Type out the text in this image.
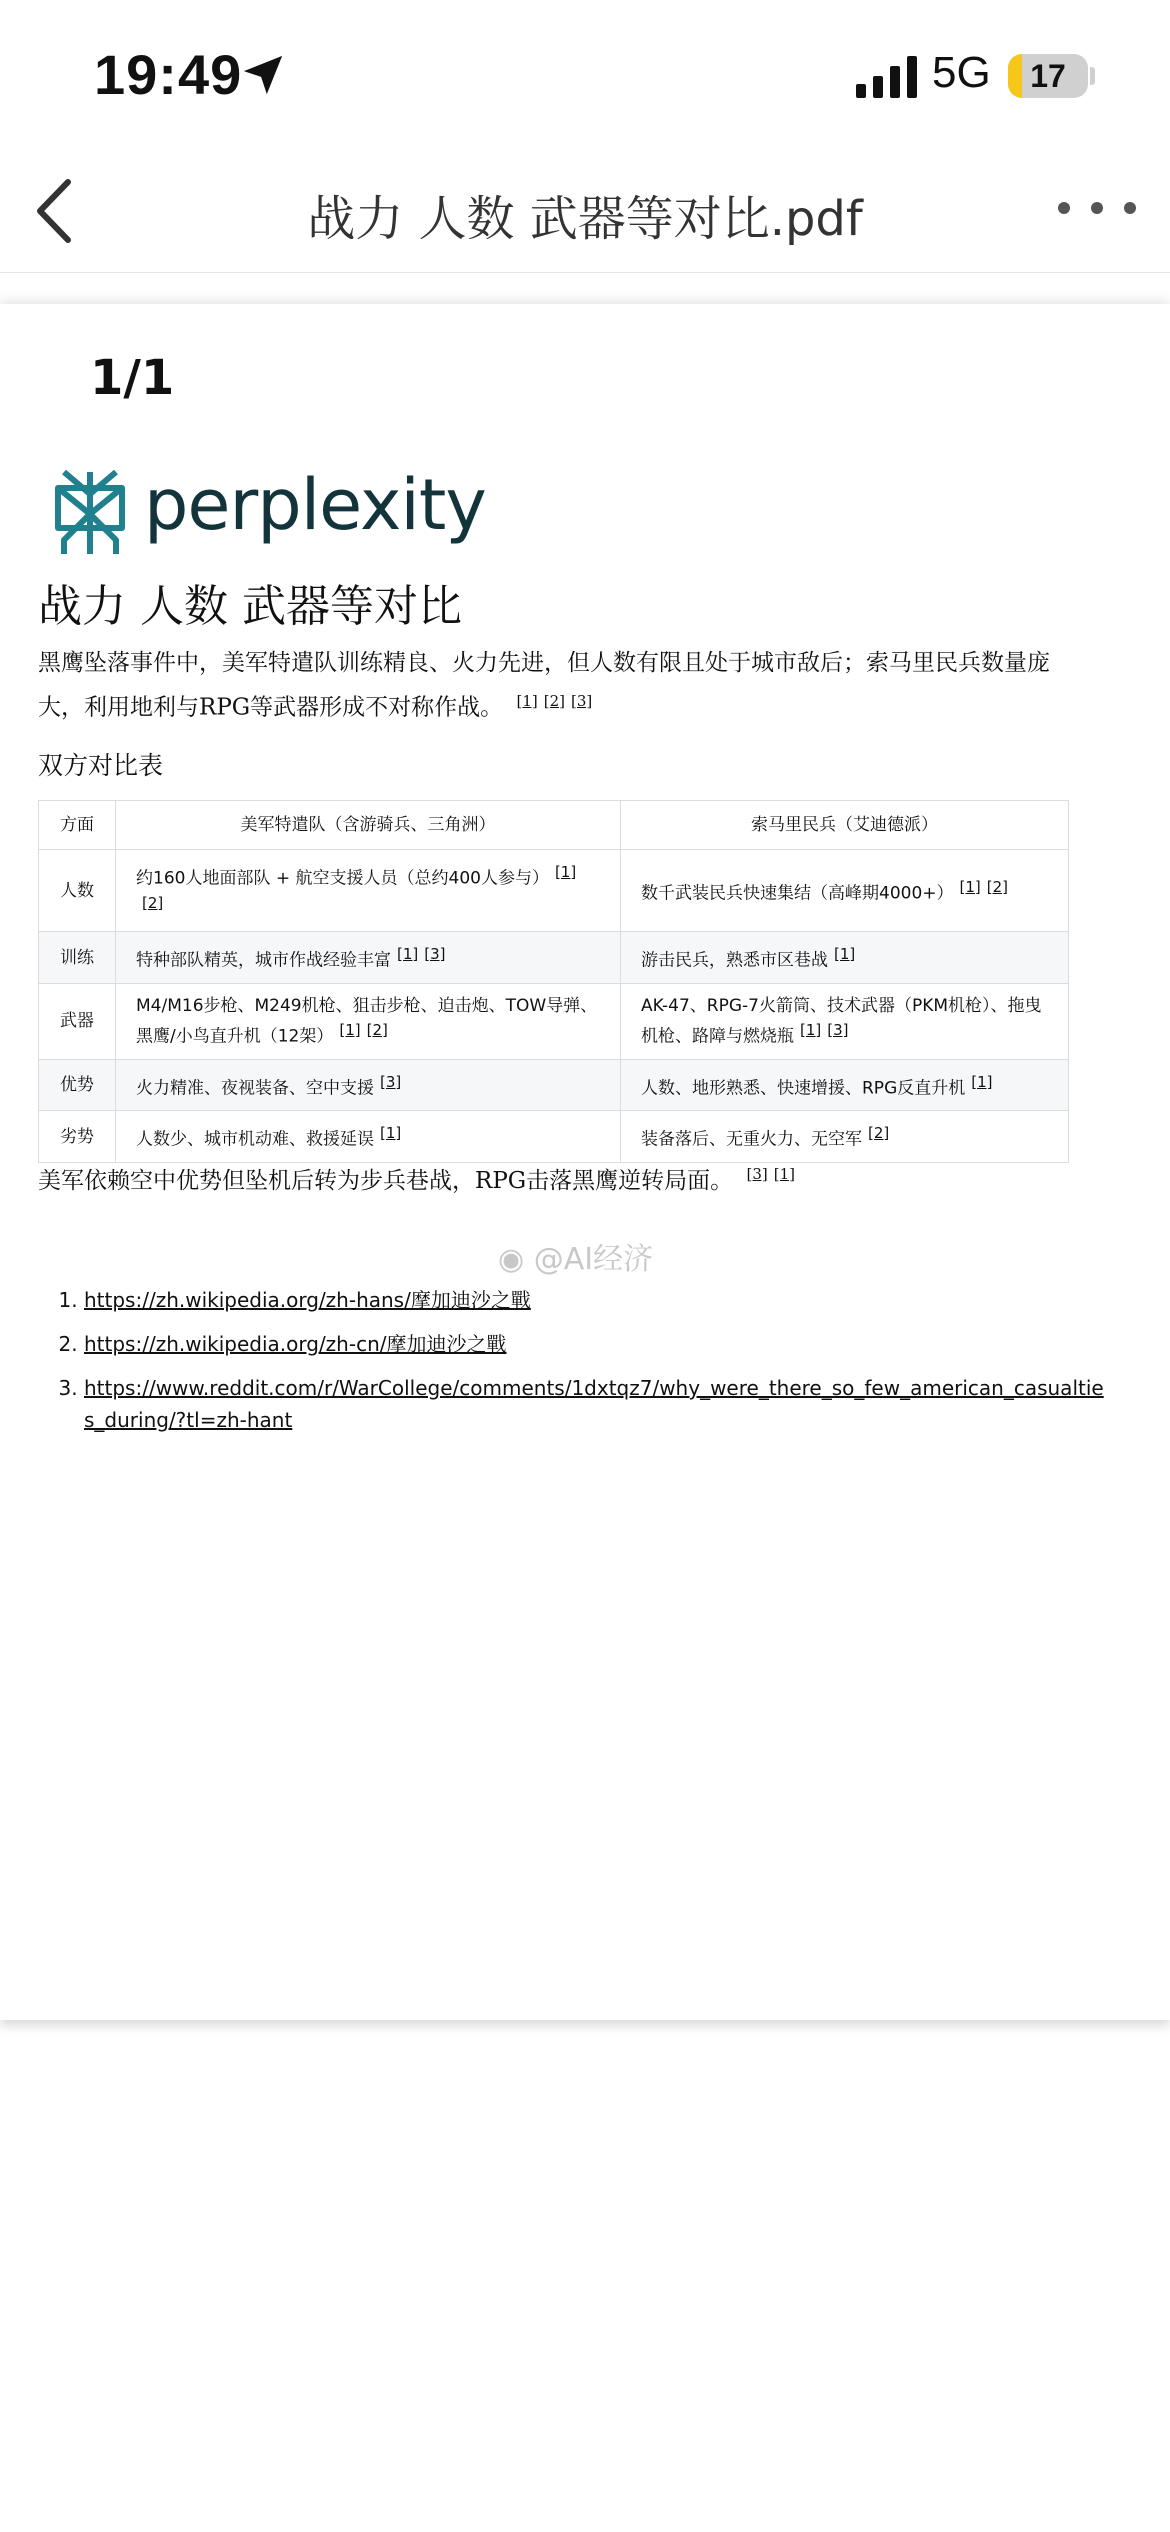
19:49	5G	17
战力 人数 武器等对比.pdf
1/1
perplexity
战力 人数 武器等对比
黑鹰坠落事件中，美军特遣队训练精良、火力先进，但人数有限且处于城市敌后；索马里民兵数量庞大，利用地利与RPG等武器形成不对称作战。 [1] [2] [3]
双方对比表
方面	美军特遣队（含游骑兵、三角洲）	索马里民兵（艾迪德派）
人数	约160人地面部队 + 航空支援人员（总约400人参与） [1][2]	数千武装民兵快速集结（高峰期4000+） [1] [2]
训练	特种部队精英，城市作战经验丰富 [1] [3]	游击民兵，熟悉市区巷战 [1]
武器	M4/M16步枪、M249机枪、狙击步枪、迫击炮、TOW导弹、黑鹰/小鸟直升机（12架） [1] [2]	AK-47、RPG-7火箭筒、技术武器（PKM机枪）、拖曳机枪、路障与燃烧瓶 [1] [3]
优势	火力精准、夜视装备、空中支援 [3]	人数、地形熟悉、快速增援、RPG反直升机 [1]
劣势	人数少、城市机动难、救援延误 [1]	装备落后、无重火力、无空军 [2]
美军依赖空中优势但坠机后转为步兵巷战，RPG击落黑鹰逆转局面。 [3] [1]
◉ @AI经济
1. https://zh.wikipedia.org/zh-hans/摩加迪沙之戰
2. https://zh.wikipedia.org/zh-cn/摩加迪沙之戰
3. https://www.reddit.com/r/WarCollege/comments/1dxtqz7/why_were_there_so_few_american_casualties_during/?tl=zh-hant
